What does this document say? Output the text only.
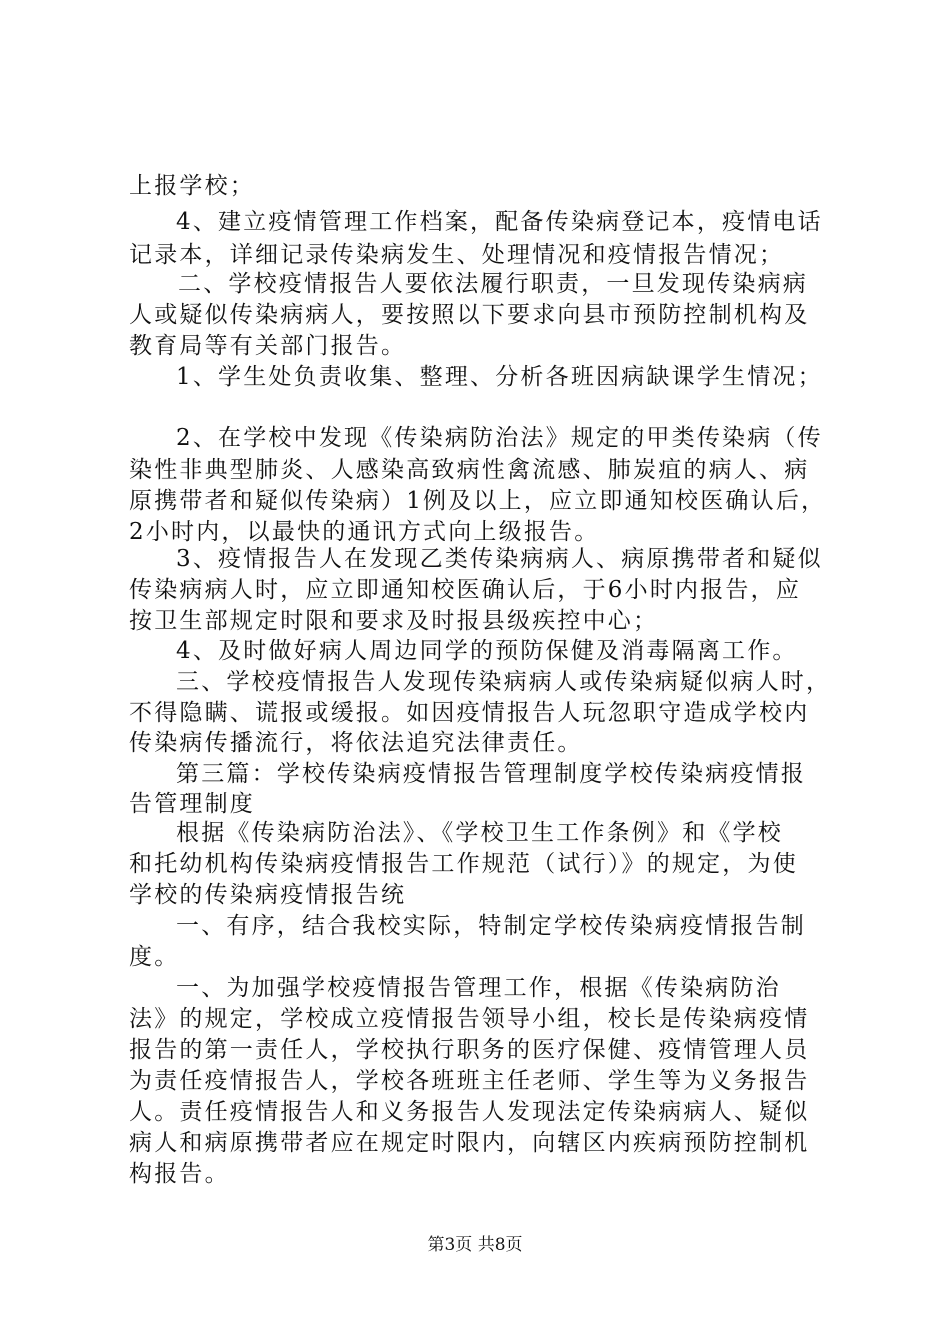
上报学校；

4、建立疫情管理工作档案，配备传染病登记本，疫情电话

记录本，详细记录传染病发生、处理情况和疫情报告情况；

二、学校疫情报告人要依法履行职责，一旦发现传染病病

人或疑似传染病病人，要按照以下要求向县市预防控制机构及

教育局等有关部门报告。

1、学生处负责收集、整理、分析各班因病缺课学生情况；

2、在学校中发现《传染病防治法》规定的甲类传染病（传

染性非典型肺炎、人感染高致病性禽流感、肺炭疽的病人、病

原携带者和疑似传染病）1例及以上，应立即通知校医确认后，

2小时内，以最快的通讯方式向上级报告。

3、疫情报告人在发现乙类传染病病人、病原携带者和疑似

传染病病人时，应立即通知校医确认后，于6小时内报告，应

按卫生部规定时限和要求及时报县级疾控中心；

4、及时做好病人周边同学的预防保健及消毒隔离工作。

三、学校疫情报告人发现传染病病人或传染病疑似病人时，

不得隐瞒、谎报或缓报。如因疫情报告人玩忽职守造成学校内

传染病传播流行，将依法追究法律责任。

第三篇：学校传染病疫情报告管理制度学校传染病疫情报

告管理制度

根据《传染病防治法》、《学校卫生工作条例》和《学校

和托幼机构传染病疫情报告工作规范（试行）》的规定，为使

学校的传染病疫情报告统

一、有序，结合我校实际，特制定学校传染病疫情报告制

度。

一、为加强学校疫情报告管理工作，根据《传染病防治

法》的规定，学校成立疫情报告领导小组，校长是传染病疫情

报告的第一责任人，学校执行职务的医疗保健、疫情管理人员

为责任疫情报告人，学校各班班主任老师、学生等为义务报告

人。责任疫情报告人和义务报告人发现法定传染病病人、疑似

病人和病原携带者应在规定时限内，向辖区内疾病预防控制机

构报告。

第3页 共8页
